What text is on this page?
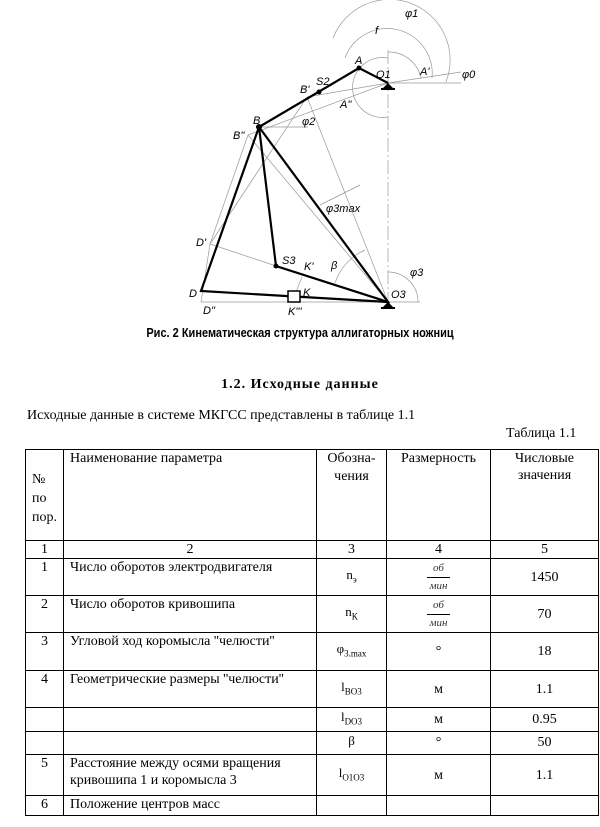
A
A'
A''
O1
B
B'
B''
S2
S3
D
D'
D''
K
K'
K'''
O3
φ1
f
φ0
φ2
φ3max
β
φ3
Рис. 2 Кинематическая структура аллигаторных ножниц
1.2. Исходные данные
Исходные данные в системе МКГСС представлены в таблице 1.1
Таблица 1.1
№ по пор.	Наименование параметра	Обозна-чения	Размерность	Числовые значения
1	2	3	4	5
1	Число оборотов электродвигателя	$n_э$	$\frac{об}{\text{мин}}$	1450
2	Число оборотов кривошипа	$n_К$	$\frac{об}{\text{мин}}$	70
3	Угловой ход коромысла ''челюсти''	$\varphi_{3.max}$	°	18
4	Геометрические размеры ''челюсти''	$l_{BO3}$	м	1.1
		$l_{DO3}$	м	0.95
		β	°	50
5	Расстояние между осями вращения кривошипа 1 и коромысла 3	$l_{O1O3}$	м	1.1
6	Положение центров масс			
